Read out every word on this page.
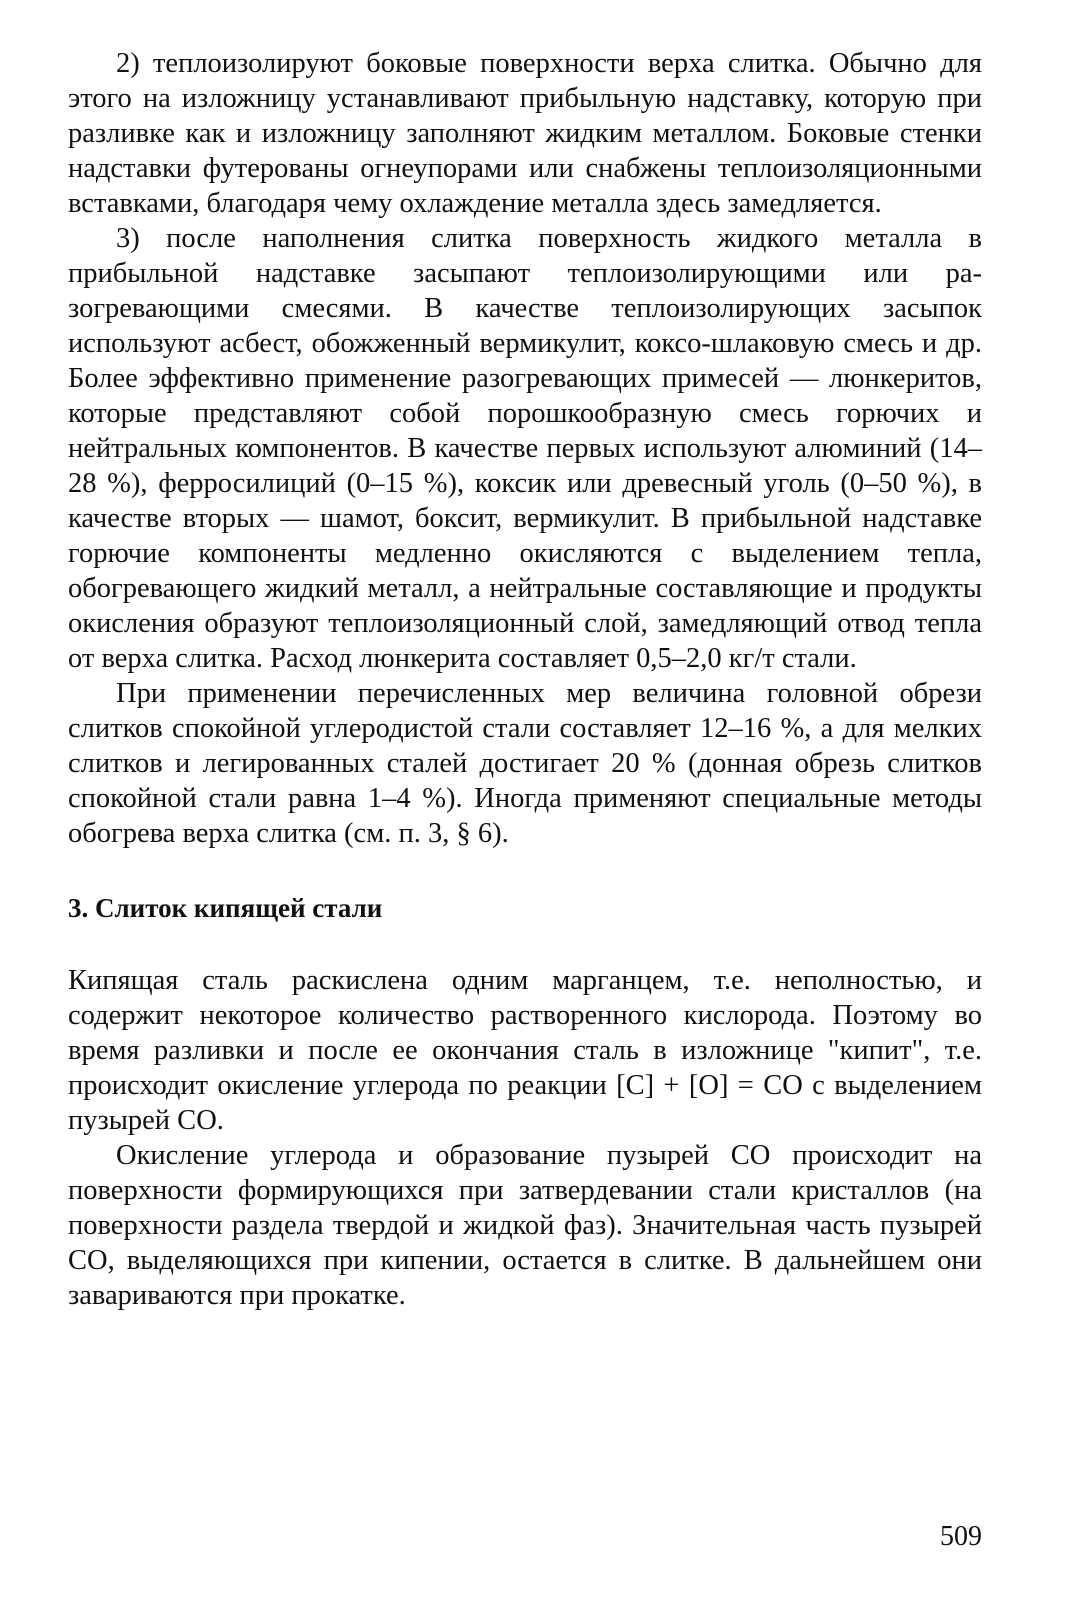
2) теплоизолируют боковые поверхности верха слитка. Обычно для этого на изложницу устанавливают прибыльную надставку, которую при разливке как и изложницу заполняют жидким металлом. Боковые стенки надставки футерованы огнеупорами или снабжены теплоизоляционными вставками, благодаря чему охлаждение металла здесь замедляется.

3) после наполнения слитка поверхность жидкого металла в прибыльной надставке засыпают теплоизолирующими или разогревающими смесями. В качестве теплоизолирующих засыпок используют асбест, обожженный вермикулит, коксо-шлаковую смесь и др. Более эффективно применение разогревающих примесей — люнкеритов, которые представляют собой порошкообразную смесь горючих и нейтральных компонентов. В качестве первых используют алюминий (14–28 %), ферросилиций (0–15 %), коксик или древесный уголь (0–50 %), в качестве вторых — шамот, боксит, вермикулит. В прибыльной надставке горючие компоненты медленно окисляются с выделением тепла, обогревающего жидкий металл, а нейтральные составляющие и продукты окисления образуют теплоизоляционный слой, замедляющий отвод тепла от верха слитка. Расход люнкерита составляет 0,5–2,0 кг/т стали.

При применении перечисленных мер величина головной обрези слитков спокойной углеродистой стали составляет 12–16 %, а для мелких слитков и легированных сталей достигает 20 % (донная обрезь слитков спокойной стали равна 1–4 %). Иногда применяют специальные методы обогрева верха слитка (см. п. 3, § 6).

3. Слиток кипящей стали

Кипящая сталь раскислена одним марганцем, т.е. неполностью, и содержит некоторое количество растворенного кислорода. Поэтому во время разливки и после ее окончания сталь в изложнице "кипит", т.е. происходит окисление углерода по реакции [C] + [O] = CO с выделением пузырей CO.

Окисление углерода и образование пузырей CO происходит на поверхности формирующихся при затвердевании стали кристаллов (на поверхности раздела твердой и жидкой фаз). Значительная часть пузырей CO, выделяющихся при кипении, остается в слитке. В дальнейшем они завариваются при прокатке.

509
